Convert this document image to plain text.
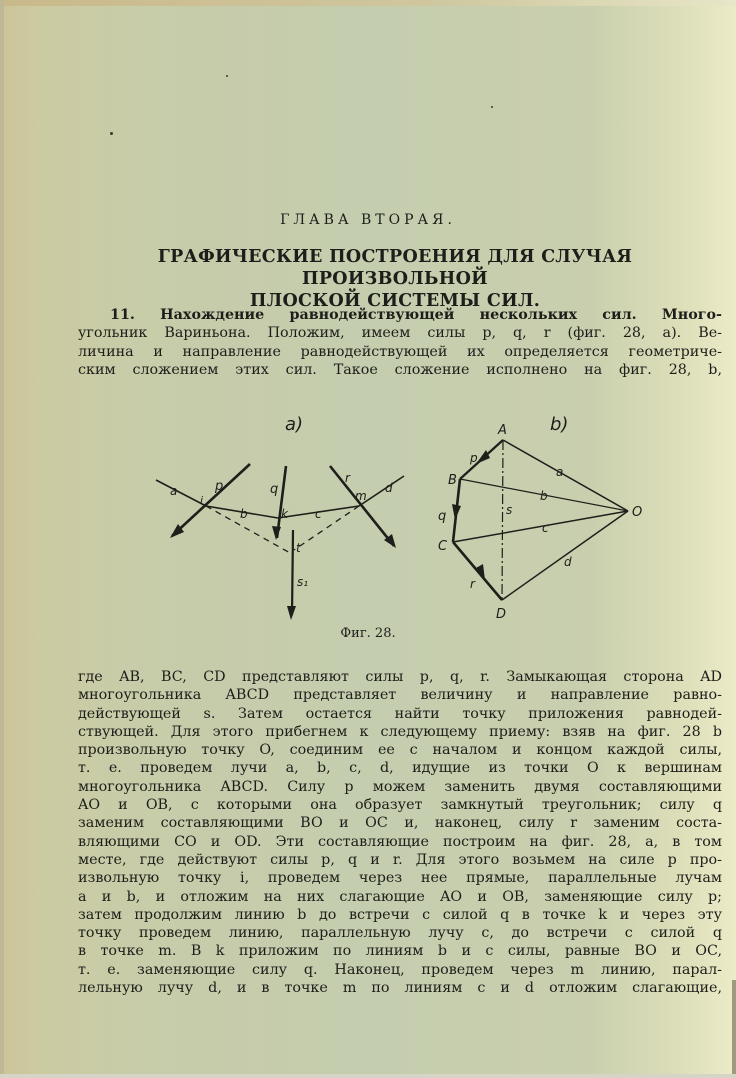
ГЛАВА ВТОРАЯ.
ГРАФИЧЕСКИЕ ПОСТРОЕНИЯ ДЛЯ СЛУЧАЯ ПРОИЗВОЛЬНОЙ
ПЛОСКОЙ СИСТЕМЫ СИЛ.
11. Нахождение равнодействующей нескольких сил. Много-
угольник Вариньона. Положим, имеем силы p, q, r (фиг. 28, a). Ве-
личина и направление равнодействующей их определяется геометриче-
ским сложением этих сил. Такое сложение исполнено на фиг. 28, b,
a)
a	p
i
b
q
k c
r
m
d
t
s₁
b)
A
B
C
D
O
p
q
r
s
a
b
c
d
Фиг. 28.
где AB, BC, CD представляют силы p, q, r. Замыкающая сторона AD
многоугольника ABCD представляет величину и направление равно-
действующей s. Затем остается найти точку приложения равнодей-
ствующей. Для этого прибегнем к следующему приему: взяв на фиг. 28 b
произвольную точку O, соединим ее с началом и концом каждой силы,
т. е. проведем лучи a, b, c, d, идущие из точки O к вершинам
многоугольника ABCD. Силу p можем заменить двумя составляющими
AO и OB, с которыми она образует замкнутый треугольник; силу q
заменим составляющими BO и OC и, наконец, силу r заменим соста-
вляющими CO и OD. Эти составляющие построим на фиг. 28, a, в том
месте, где действуют силы p, q и r. Для этого возьмем на силе p про-
извольную точку i, проведем через нее прямые, параллельные лучам
a и b, и отложим на них слагающие AO и OB, заменяющие силу p;
затем продолжим линию b до встречи с силой q в точке k и через эту
точку проведем линию, параллельную лучу c, до встречи с силой q
в точке m. В k приложим по линиям b и c силы, равные BO и OC,
т. е. заменяющие силу q. Наконец, проведем через m линию, парал-
лельную лучу d, и в точке m по линиям c и d отложим слагающие,
